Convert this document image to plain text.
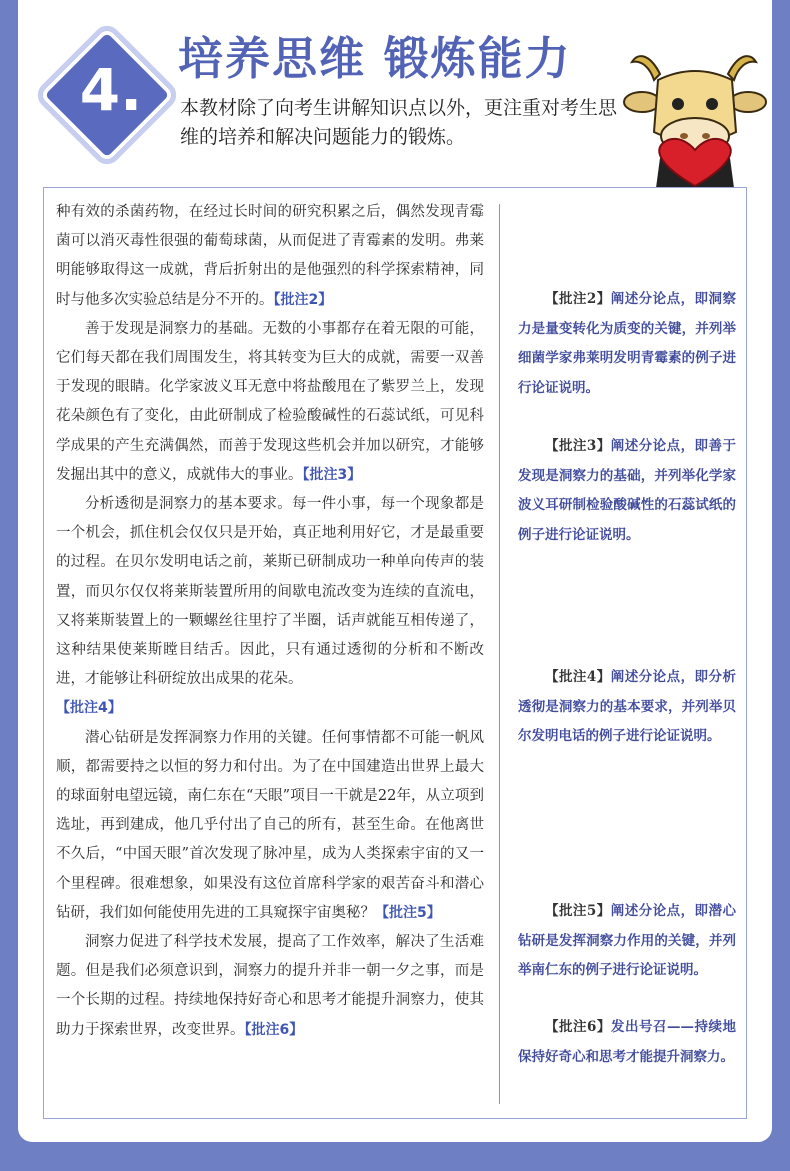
4. 培养思维 锻炼能力
本教材除了向考生讲解知识点以外，更注重对考生思维的培养和解决问题能力的锻炼。

种有效的杀菌药物，在经过长时间的研究积累之后，偶然发现青霉菌可以消灭毒性很强的葡萄球菌，从而促进了青霉素的发明。弗莱明能够取得这一成就，背后折射出的是他强烈的科学探索精神，同时与他多次实验总结是分不开的。【批注2】

善于发现是洞察力的基础。无数的小事都存在着无限的可能，它们每天都在我们周围发生，将其转变为巨大的成就，需要一双善于发现的眼睛。化学家波义耳无意中将盐酸甩在了紫罗兰上，发现花朵颜色有了变化，由此研制成了检验酸碱性的石蕊试纸，可见科学成果的产生充满偶然，而善于发现这些机会并加以研究，才能够发掘出其中的意义，成就伟大的事业。【批注3】

分析透彻是洞察力的基本要求。每一件小事，每一个现象都是一个机会，抓住机会仅仅只是开始，真正地利用好它，才是最重要的过程。在贝尔发明电话之前，莱斯已研制成功一种单向传声的装置，而贝尔仅仅将莱斯装置所用的间歇电流改变为连续的直流电，又将莱斯装置上的一颗螺丝往里拧了半圈，话声就能互相传递了，这种结果使莱斯瞠目结舌。因此，只有通过透彻的分析和不断改进，才能够让科研绽放出成果的花朵。
【批注4】

潜心钻研是发挥洞察力作用的关键。任何事情都不可能一帆风顺，都需要持之以恒的努力和付出。为了在中国建造出世界上最大的球面射电望远镜，南仁东在“天眼”项目一干就是22年，从立项到选址，再到建成，他几乎付出了自己的所有，甚至生命。在他离世不久后，“中国天眼”首次发现了脉冲星，成为人类探索宇宙的又一个里程碑。很难想象，如果没有这位首席科学家的艰苦奋斗和潜心钻研，我们如何能使用先进的工具窥探宇宙奥秘？【批注5】

洞察力促进了科学技术发展，提高了工作效率，解决了生活难题。但是我们必须意识到，洞察力的提升并非一朝一夕之事，而是一个长期的过程。持续地保持好奇心和思考才能提升洞察力，使其助力于探索世界，改变世界。【批注6】

【批注2】阐述分论点，即洞察力是量变转化为质变的关键，并列举细菌学家弗莱明发明青霉素的例子进行论证说明。
【批注3】阐述分论点，即善于发现是洞察力的基础，并列举化学家波义耳研制检验酸碱性的石蕊试纸的例子进行论证说明。
【批注4】阐述分论点，即分析透彻是洞察力的基本要求，并列举贝尔发明电话的例子进行论证说明。
【批注5】阐述分论点，即潜心钻研是发挥洞察力作用的关键，并列举南仁东的例子进行论证说明。
【批注6】发出号召——持续地保持好奇心和思考才能提升洞察力。
